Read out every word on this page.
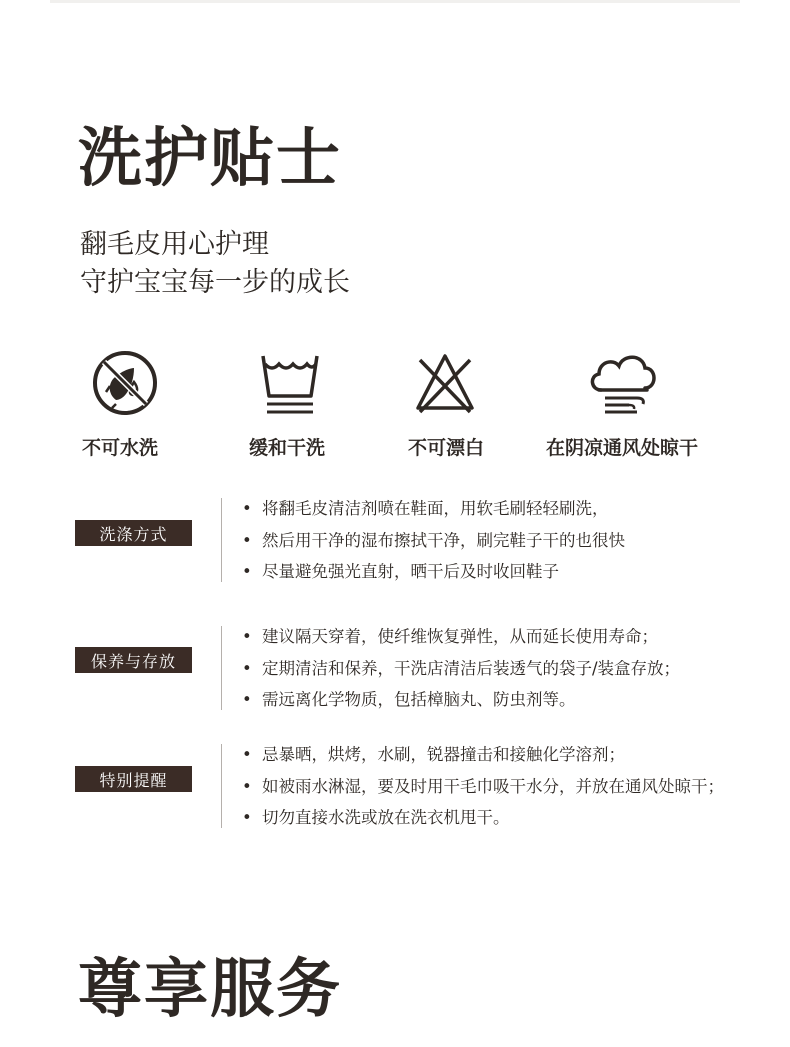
洗护贴士
翻毛皮用心护理
守护宝宝每一步的成长
不可水洗	缓和干洗	不可漂白	在阴凉通风处晾干
洗涤方式
• 将翻毛皮清洁剂喷在鞋面，用软毛刷轻轻刷洗，
• 然后用干净的湿布擦拭干净，刷完鞋子干的也很快
• 尽量避免强光直射，晒干后及时收回鞋子
保养与存放
• 建议隔天穿着，使纤维恢复弹性，从而延长使用寿命；
• 定期清洁和保养，干洗店清洁后装透气的袋子/装盒存放；
• 需远离化学物质，包括樟脑丸、防虫剂等。
特别提醒
• 忌暴晒，烘烤，水刷，锐器撞击和接触化学溶剂；
• 如被雨水淋湿，要及时用干毛巾吸干水分，并放在通风处晾干；
• 切勿直接水洗或放在洗衣机甩干。
尊享服务
